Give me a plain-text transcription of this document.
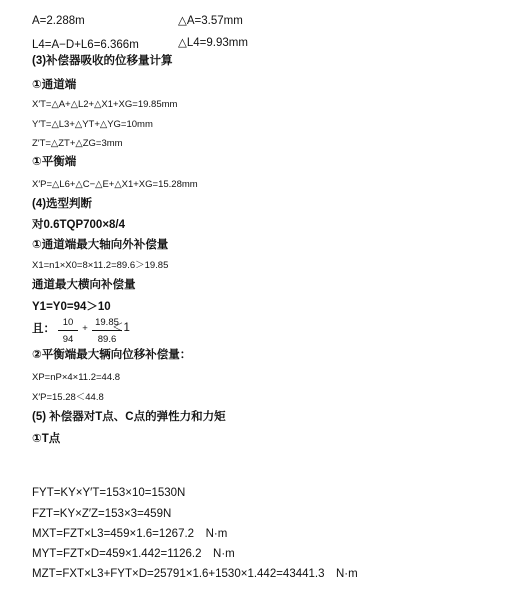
A=2.288m	△A=3.57mm
L4=A−D+L6=6.366m	△L4=9.93mm
(3)补偿器吸收的位移量计算
①通道端
X′T=△A+△L2+△X1+XG=19.85mm
Y′T=△L3+△YT+△YG=10mm
Z′T=△ZT+△ZG=3mm
①平衡端
X′P=△L6+△C−△E+△X1+XG=15.28mm
(4)选型判断
对0.6TQP700×8/4
①通道端最大轴向外补偿量
X1=n1×X0=8×11.2=89.6＞19.85
通道最大横向补偿量
Y1=Y0=94＞10
且： $\frac{10}{94} + \frac{19.85}{89.6}$
＜1
②平衡端最大辆向位移补偿量：
XP=nP×4×11.2=44.8
X′P=15.28＜44.8
(5) 补偿器对T点、C点的弹性力和力矩
①T点
FYT=KY×Y′T=153×10=1530N
FZT=KY×Z′Z=153×3=459N
MXT=FZT×L3=459×1.6=1267.2　N·m
MYT=FZT×D=459×1.442=1126.2　N·m
MZT=FXT×L3+FYT×D=25791×1.6+1530×1.442=43441.3　N·m
